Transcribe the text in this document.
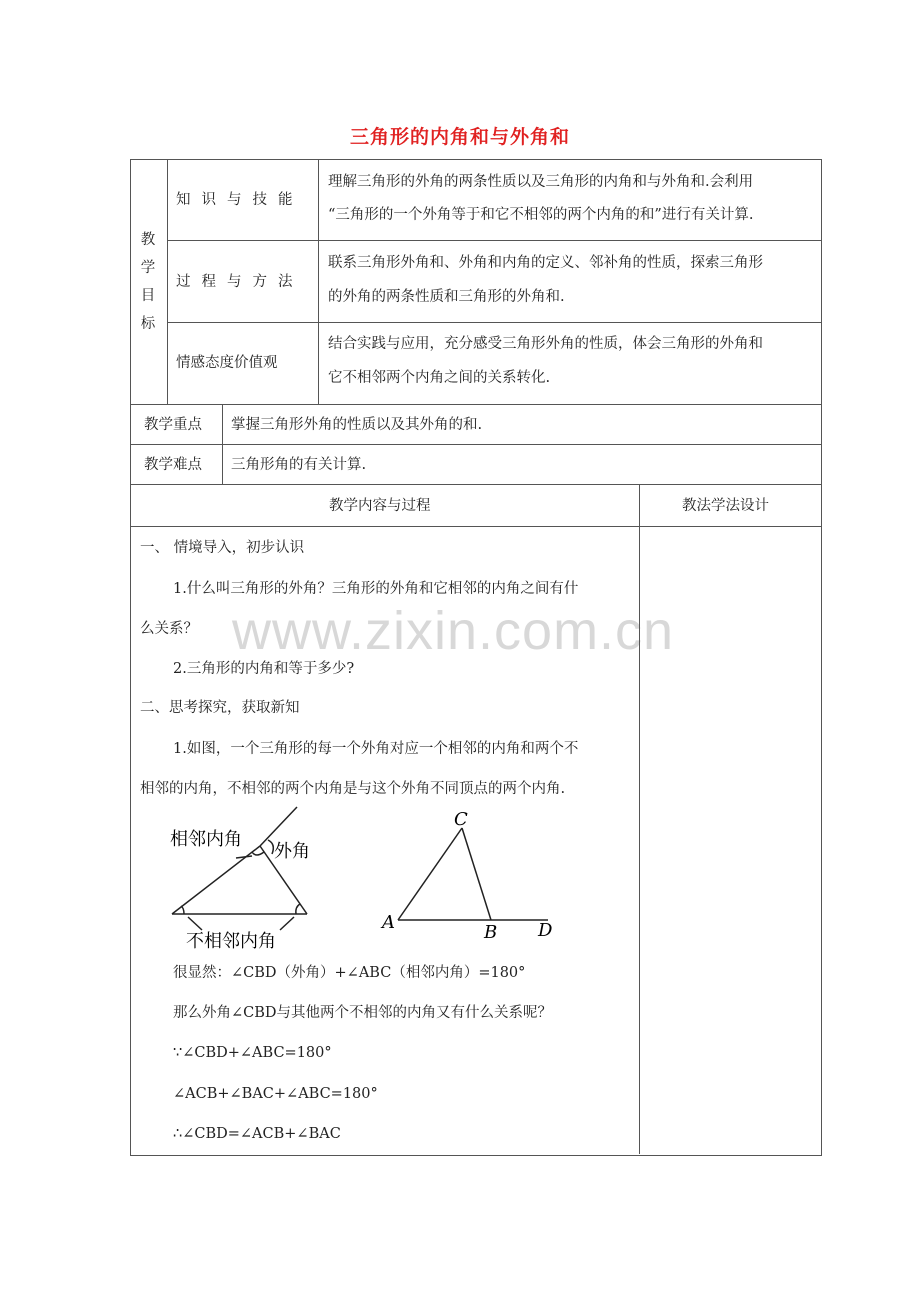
三角形的内角和与外角和
www.zixin.com.cn
教学目标
知识与技能
理解三角形的外角的两条性质以及三角形的内角和与外角和.会利用
“三角形的一个外角等于和它不相邻的两个内角的和”进行有关计算.
过程与方法
联系三角形外角和、外角和内角的定义、邻补角的性质，探索三角形
的外角的两条性质和三角形的外角和.
情感态度价值观
结合实践与应用，充分感受三角形外角的性质，体会三角形的外角和
它不相邻两个内角之间的关系转化.
教学重点 掌握三角形外角的性质以及其外角的和.
教学难点 三角形角的有关计算.
教学内容与过程	教法学法设计
一、 情境导入，初步认识
1.什么叫三角形的外角？三角形的外角和它相邻的内角之间有什
么关系？
2.三角形的内角和等于多少?
二、思考探究，获取新知
1.如图，一个三角形的每一个外角对应一个相邻的内角和两个不
相邻的内角，不相邻的两个内角是与这个外角不同顶点的两个内角.
相邻内角
外角
不相邻内角
C
A	B D
很显然：∠CBD（外角）+∠ABC（相邻内角）=180°
那么外角∠CBD与其他两个不相邻的内角又有什么关系呢？
∵∠CBD+∠ABC=180°
∠ACB+∠BAC+∠ABC=180°
∴∠CBD=∠ACB+∠BAC
